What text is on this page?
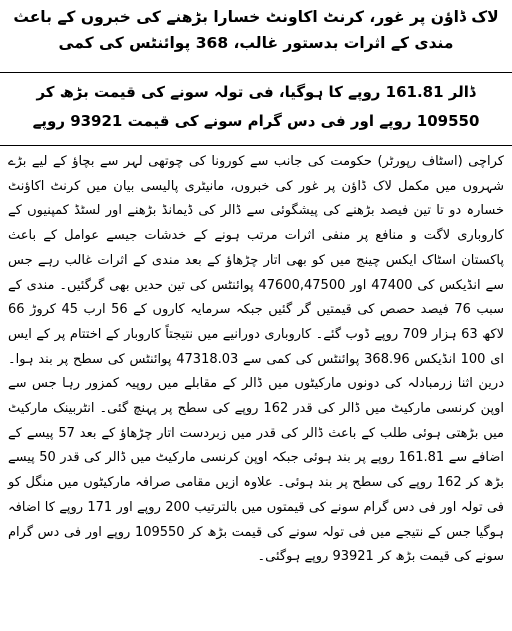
لاک ڈاؤن پر غور، کرنٹ اکاونٹ خسارا بڑھنے کی خبروں کے باعث مندی کے اثرات بدستور غالب، 368 پوائنٹس کی کمی
ڈالر 161.81 روپے کا ہوگیا، فی تولہ سونے کی قیمت بڑھ کر 109550 روپے اور فی دس گرام سونے کی قیمت 93921 روپے
کراچی (اسٹاف رپورٹر) حکومت کی جانب سے کورونا کی چوتھی لہر سے بچاؤ کے لیے بڑے شہروں میں مکمل لاک ڈاؤن پر غور کی خبروں، مانیٹری پالیسی بیان میں کرنٹ اکاؤنٹ خسارہ دو تا تین فیصد بڑھنے کی پیشگوئی سے ڈالر کی ڈیمانڈ بڑھنے اور لسٹڈ کمپنیوں کے کاروباری لاگت و منافع پر منفی اثرات مرتب ہونے کے خدشات جیسے عوامل کے باعث پاکستان اسٹاک ایکس چینج میں کو بھی اتار چڑھاؤ کے بعد مندی کے اثرات غالب رہے جس سے انڈیکس کی 47400 اور 47600,47500 پوائنٹس کی تین حدیں بھی گرگئیں۔ مندی کے سبب 76 فیصد حصص کی قیمتیں گر گئیں جبکہ سرمایہ کاروں کے 56 ارب 45 کروڑ 66 لاکھ 63 ہزار 709 روپے ڈوب گئے۔ کاروباری دورانیے میں نتیجتاً کاروبار کے اختتام پر کے ایس ای 100 انڈیکس 368.96 پوائنٹس کی کمی سے 47318.03 پوائنٹس کی سطح پر بند ہوا۔ درین اثنا زرمبادلہ کی دونوں مارکیٹوں میں ڈالر کے مقابلے میں روپیہ کمزور رہا جس سے اوپن کرنسی مارکیٹ میں ڈالر کی قدر 162 روپے کی سطح پر پہنچ گئی۔ انٹربینک مارکیٹ میں بڑھتی ہوئی طلب کے باعث ڈالر کی قدر میں زبردست اتار چڑھاؤ کے بعد 57 پیسے کے اضافے سے 161.81 روپے پر بند ہوئی جبکہ اوپن کرنسی مارکیٹ میں ڈالر کی قدر 50 پیسے بڑھ کر 162 روپے کی سطح پر بند ہوئی۔ علاوہ ازیں مقامی صرافہ مارکیٹوں میں منگل کو فی تولہ اور فی دس گرام سونے کی قیمتوں میں بالترتیب 200 روپے اور 171 روپے کا اضافہ ہوگیا جس کے نتیجے میں فی تولہ سونے کی قیمت بڑھ کر 109550 روپے اور فی دس گرام سونے کی قیمت بڑھ کر 93921 روپے ہوگئی۔
